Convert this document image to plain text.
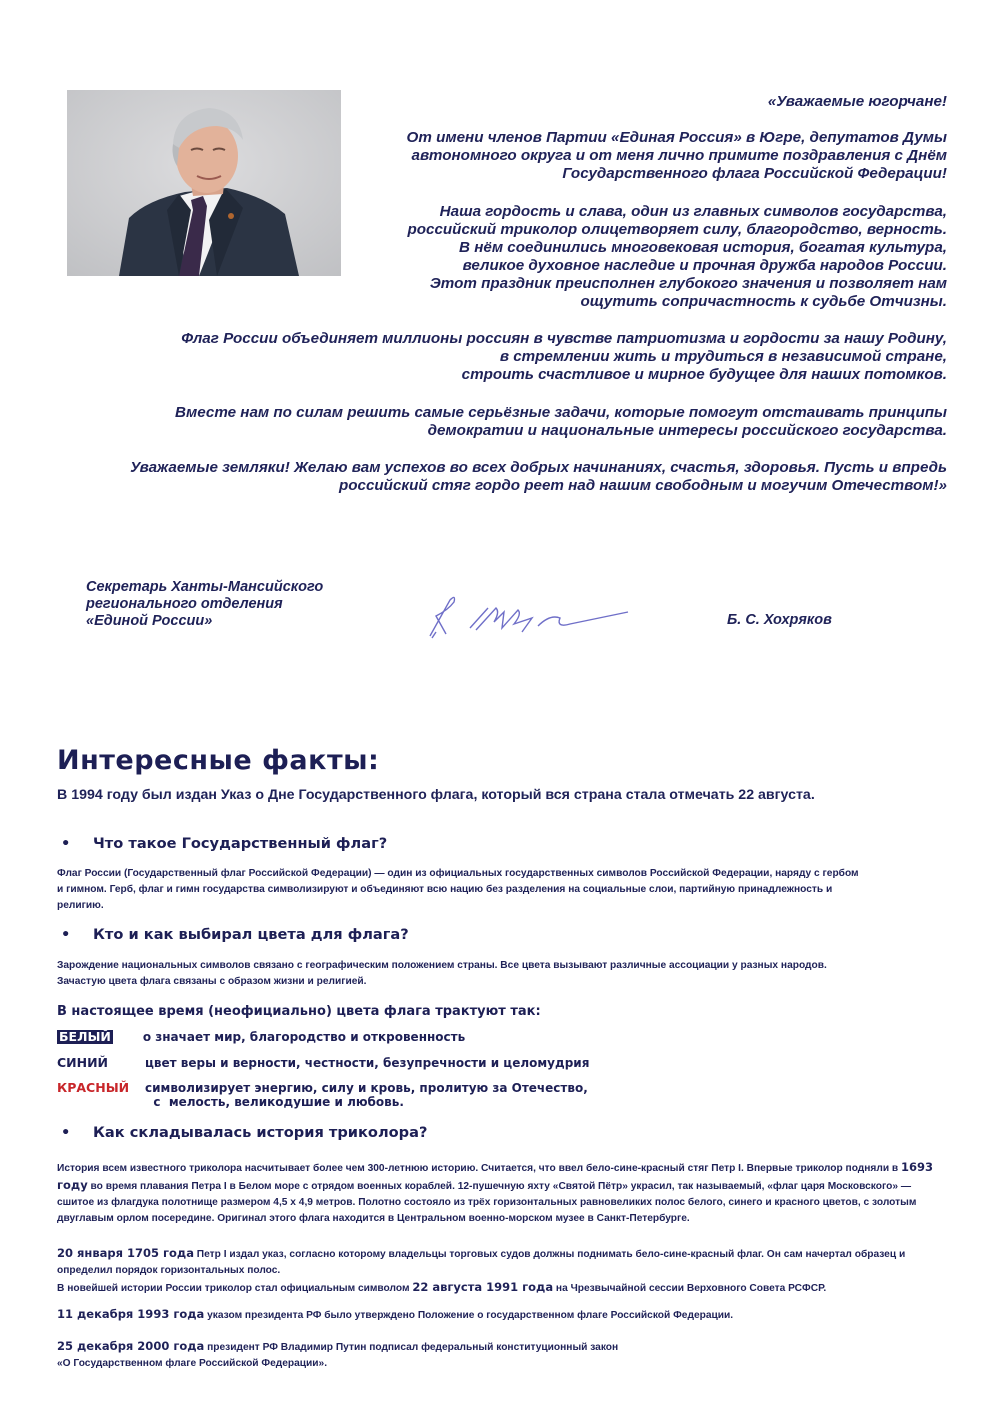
«Уважаемые югорчане!

От имени членов Партии «Единая Россия» в Югре, депутатов Думы

автономного округа и от меня лично примите поздравления с Днём

Государственного флага Российской Федерации!

Наша гордость и слава, один из главных символов государства,

российский триколор олицетворяет силу, благородство, верность.

В нём соединились многовековая история, богатая культура,

великое духовное наследие и прочная дружба народов России.

Этот праздник преисполнен глубокого значения и позволяет нам

ощутить сопричастность к судьбе Отчизны.

Флаг России объединяет миллионы россиян в чувстве патриотизма и гордости за нашу Родину,

в стремлении жить и трудиться в независимой стране,

строить счастливое и мирное будущее для наших потомков.

Вместе нам по силам решить самые серьёзные задачи, которые помогут отстаивать принципы

демократии и национальные интересы российского государства.

Уважаемые земляки! Желаю вам успехов во всех добрых начинаниях, счастья, здоровья. Пусть и впредь

российский стяг гордо реет над нашим свободным и могучим Отечеством!»

Секретарь Ханты-Мансийского

регионального отделения

«Единой России»	Б. С. Хохряков
Интересные факты:
В 1994 году был издан Указ о Дне Государственного флага, который вся страна стала отмечать 22 августа.
• Что такое Государственный флаг?

Флаг России (Государственный флаг Российской Федерации) — один из официальных государственных символов Российской Федерации, наряду с гербом

и гимном. Герб, флаг и гимн государства символизируют и объединяют всю нацию без разделения на социальные слои, партийную принадлежность и

религию.

• Кто и как выбирал цвета для флага?

Зарождение национальных символов связано с географическим положением страны. Все цвета вызывают различные ассоциации у разных народов.

Зачастую цвета флага связаны с образом жизни и религией.

В настоящее время (неофициально) цвета флага трактуют так:
БЕЛЫЙ	о значает мир, благородство и откровенность
СИНИЙ	цвет веры и верности, честности, безупречности и целомудрия
КРАСНЫЙ символизирует энергию, силу и кровь, пролитую за Отечество,
с  мелость, великодушие и любовь.
• Как складывалась история триколора?
История всем известного триколора насчитывает более чем 300-летнюю историю. Считается, что ввел бело-сине-красный стяг Петр I. Впервые триколор подняли в 1693 году во время плавания Петра I в Белом море с отрядом военных кораблей. 12-пушечную яхту «Святой Пётр» украсил, так называемый, «флаг царя Московского» — сшитое из флагдука полотнище размером 4,5 х 4,9 метров. Полотно состояло из трёх горизонтальных равновеликих полос белого, синего и красного цветов, с золотым двуглавым орлом посередине. Оригинал этого флага находится в Центральном военно-морском музее в Санкт-Петербурге.
20 января 1705 года Петр I издал указ, согласно которому владельцы торговых судов должны поднимать бело-сине-красный флаг. Он сам начертал образец и определил порядок горизонтальных полос.
В новейшей истории России триколор стал официальным символом 22 августа 1991 года на Чрезвычайной сессии Верховного Совета РСФСР.
11 декабря 1993 года указом президента РФ было утверждено Положение о государственном флаге Российской Федерации.
25 декабря 2000 года президент РФ Владимир Путин подписал федеральный конституционный закон
«О Государственном флаге Российской Федерации».
